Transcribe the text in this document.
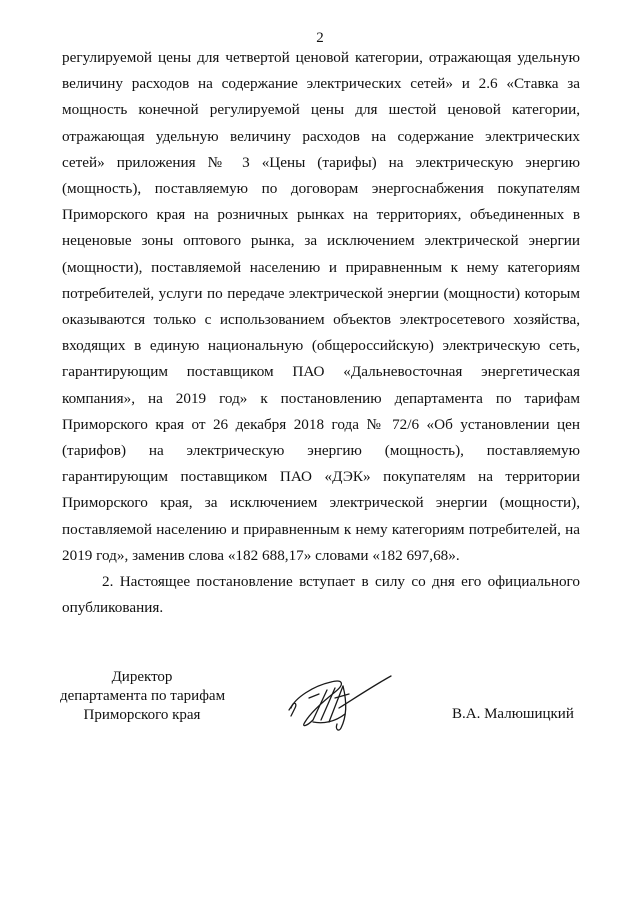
2

регулируемой цены для четвертой ценовой категории, отражающая удельную величину расходов на содержание электрических сетей» и 2.6 «Ставка за мощность конечной регулируемой цены для шестой ценовой категории, отражающая удельную величину расходов на содержание электрических сетей» приложения № 3 «Цены (тарифы) на электрическую энергию (мощность), поставляемую по договорам энергоснабжения покупателям Приморского края на розничных рынках на территориях, объединенных в неценовые зоны оптового рынка, за исключением электрической энергии (мощности), поставляемой населению и приравненным к нему категориям потребителей, услуги по передаче электрической энергии (мощности) которым оказываются только с использованием объектов электросетевого хозяйства, входящих в единую национальную (общероссийскую) электрическую сеть, гарантирующим поставщиком ПАО «Дальневосточная энергетическая компания», на 2019 год» к постановлению департамента по тарифам Приморского края от 26 декабря 2018 года № 72/6 «Об установлении цен (тарифов) на электрическую энергию (мощность), поставляемую гарантирующим поставщиком ПАО «ДЭК» покупателям на территории Приморского края, за исключением электрической энергии (мощности), поставляемой населению и приравненным к нему категориям потребителей, на 2019 год», заменив слова «182 688,17» словами «182 697,68».

2. Настоящее постановление вступает в силу со дня его официального опубликования.

Директор
департамента по тарифам
Приморского края	В.А. Малюшицкий
